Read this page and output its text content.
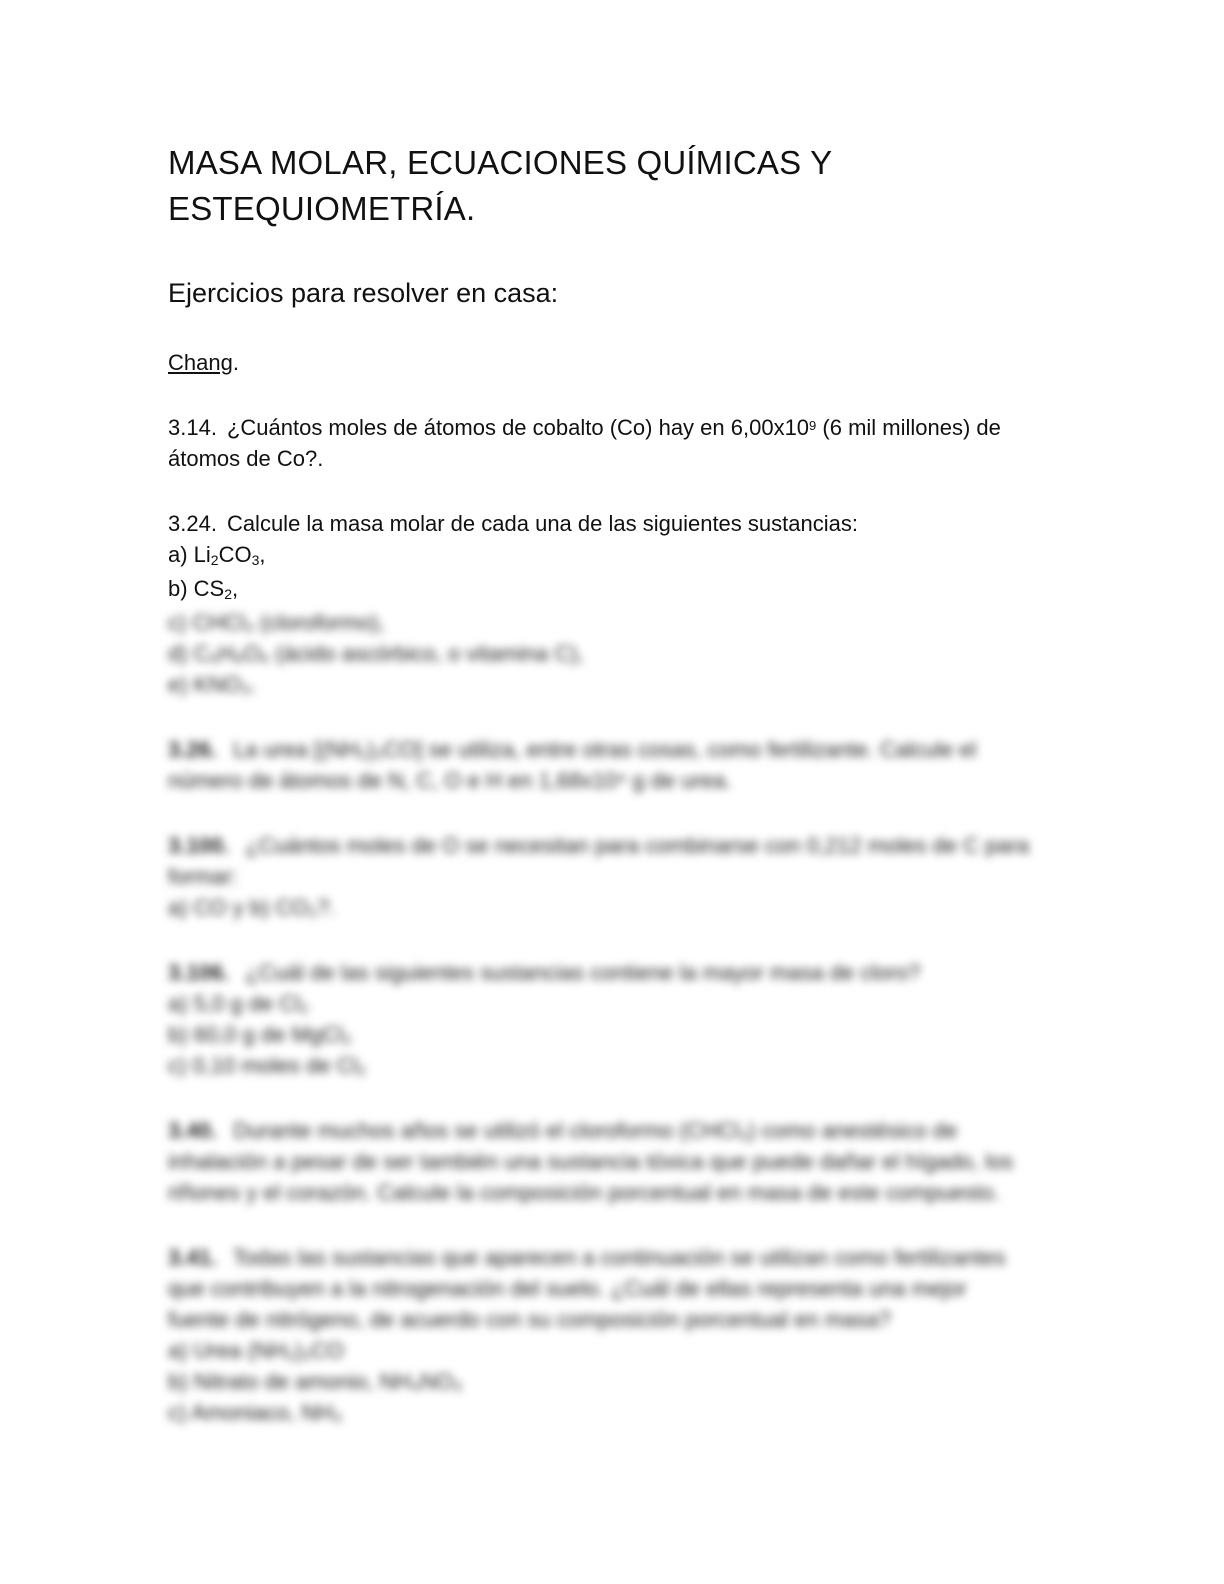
MASA MOLAR, ECUACIONES QUÍMICAS Y
ESTEQUIOMETRÍA.
Ejercicios para resolver en casa:

Chang.

3.14. ¿Cuántos moles de átomos de cobalto (Co) hay en $6,00x10^9$ (6 mil millones) de

átomos de Co?.

3.24. Calcule la masa molar de cada una de las siguientes sustancias:

a) $Li_2CO_3$,

b) $CS_2$,

c) CHCl₃ (cloroformo),

d) C₆H₈O₆ (ácido ascórbico, o vitamina C),

e) KNO₃.

3.26. La urea [(NH₂)₂CO] se utiliza, entre otras cosas, como fertilizante. Calcule el

número de átomos de N, C, O e H en 1,68x10⁴ g de urea.

3.100. ¿Cuántos moles de O se necesitan para combinarse con 0,212 moles de C para

formar:

a) CO y b) CO₂?.

3.106. ¿Cuál de las siguientes sustancias contiene la mayor masa de cloro?

a) 5,0 g de Cl₂

b) 60,0 g de MgCl₂

c) 0,10 moles de Cl₂

3.40. Durante muchos años se utilizó el cloroformo (CHCl₃) como anestésico de

inhalación a pesar de ser también una sustancia tóxica que puede dañar el hígado, los

riñones y el corazón. Calcule la composición porcentual en masa de este compuesto.

3.41. Todas las sustancias que aparecen a continuación se utilizan como fertilizantes

que contribuyen a la nitrogenación del suelo. ¿Cuál de ellas representa una mejor

fuente de nitrógeno, de acuerdo con su composición porcentual en masa?

a) Urea (NH₂)₂CO

b) Nitrato de amonio, NH₄NO₃

c) Amoniaco, NH₃
